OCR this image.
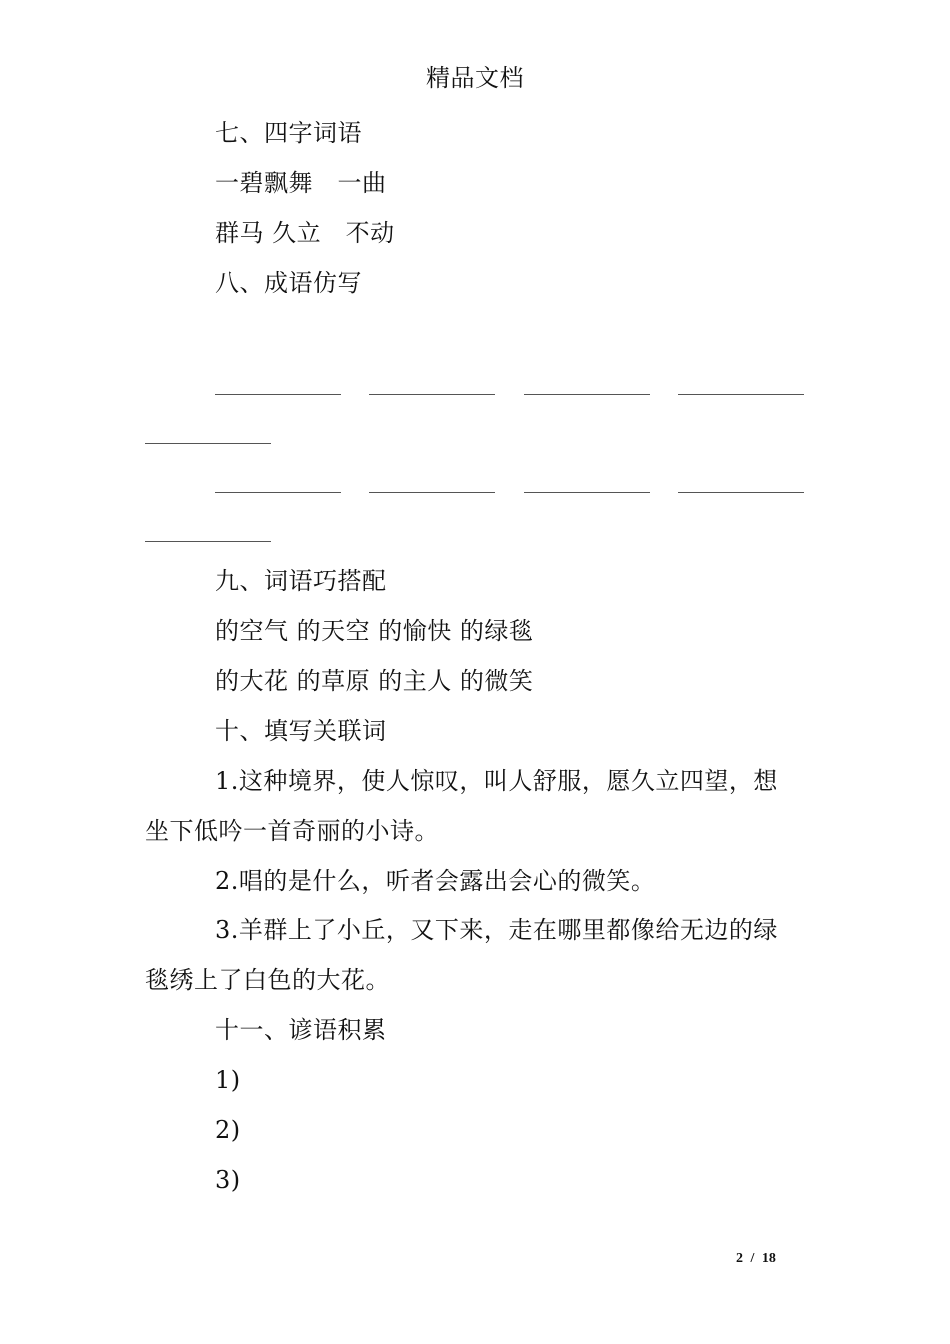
精品文档
七、四字词语
一碧飘舞　一曲
群马 久立　不动
八、成语仿写
九、词语巧搭配
的空气 的天空 的愉快 的绿毯
的大花 的草原 的主人 的微笑
十、填写关联词
1.这种境界，使人惊叹，叫人舒服，愿久立四望，想
坐下低吟一首奇丽的小诗。
2.唱的是什么，听者会露出会心的微笑。
3.羊群上了小丘，又下来，走在哪里都像给无边的绿
毯绣上了白色的大花。
十一、谚语积累
1)
2)
3)
2 / 18
